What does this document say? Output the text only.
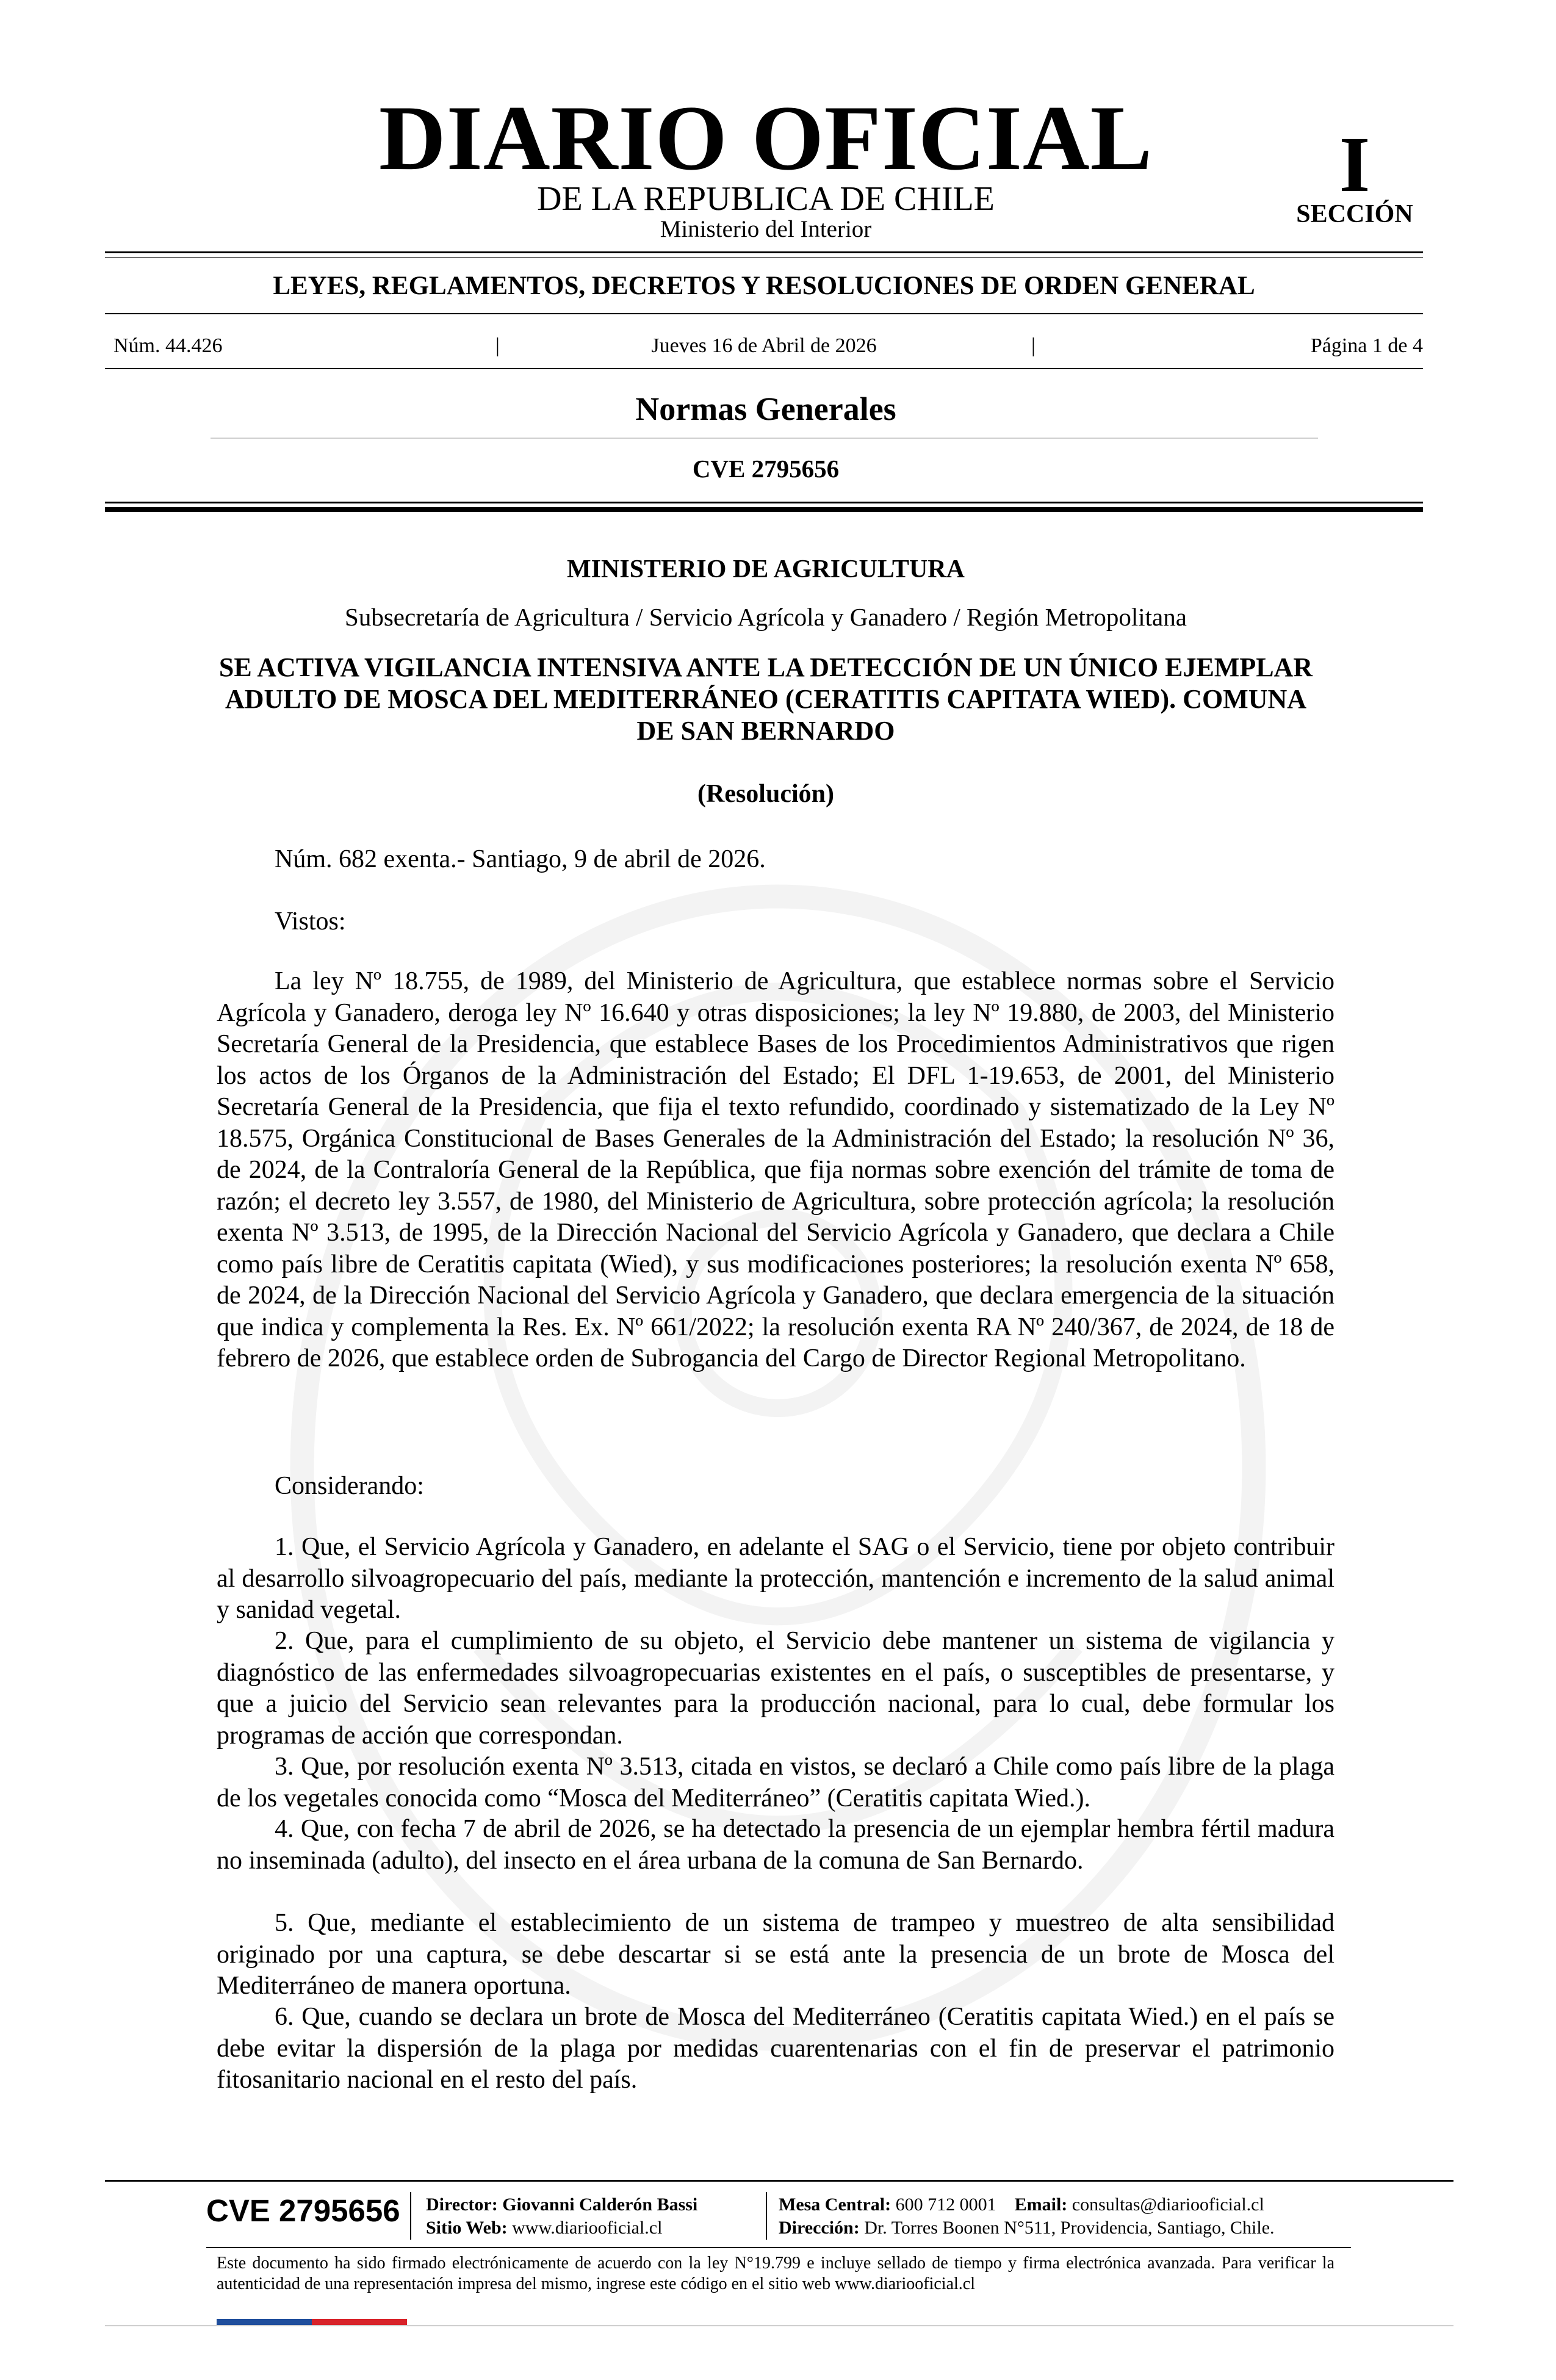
DIARIO OFICIAL
DE LA REPUBLICA DE CHILE
Ministerio del Interior
I
SECCIÓN
LEYES, REGLAMENTOS, DECRETOS Y RESOLUCIONES DE ORDEN GENERAL
Núm. 44.426	|	Jueves 16 de Abril de 2026	|	Página 1 de 4
Normas Generales
CVE 2795656
MINISTERIO DE AGRICULTURA
Subsecretaría de Agricultura / Servicio Agrícola y Ganadero / Región Metropolitana
SE ACTIVA VIGILANCIA INTENSIVA ANTE LA DETECCIÓN DE UN ÚNICO EJEMPLAR ADULTO DE MOSCA DEL MEDITERRÁNEO (CERATITIS CAPITATA WIED). COMUNA DE SAN BERNARDO
(Resolución)
Núm. 682 exenta.- Santiago, 9 de abril de 2026.
Vistos:
La ley Nº 18.755, de 1989, del Ministerio de Agricultura, que establece normas sobre el Servicio Agrícola y Ganadero, deroga ley Nº 16.640 y otras disposiciones; la ley Nº 19.880, de 2003, del Ministerio Secretaría General de la Presidencia, que establece Bases de los Procedimientos Administrativos que rigen los actos de los Órganos de la Administración del Estado; El DFL 1-19.653, de 2001, del Ministerio Secretaría General de la Presidencia, que fija el texto refundido, coordinado y sistematizado de la Ley Nº 18.575, Orgánica Constitucional de Bases Generales de la Administración del Estado; la resolución Nº 36, de 2024, de la Contraloría General de la República, que fija normas sobre exención del trámite de toma de razón; el decreto ley 3.557, de 1980, del Ministerio de Agricultura, sobre protección agrícola; la resolución exenta Nº 3.513, de 1995, de la Dirección Nacional del Servicio Agrícola y Ganadero, que declara a Chile como país libre de Ceratitis capitata (Wied), y sus modificaciones posteriores; la resolución exenta Nº 658, de 2024, de la Dirección Nacional del Servicio Agrícola y Ganadero, que declara emergencia de la situación que indica y complementa la Res. Ex. Nº 661/2022; la resolución exenta RA Nº 240/367, de 2024, de 18 de febrero de 2026, que establece orden de Subrogancia del Cargo de Director Regional Metropolitano.
Considerando:
1. Que, el Servicio Agrícola y Ganadero, en adelante el SAG o el Servicio, tiene por objeto contribuir al desarrollo silvoagropecuario del país, mediante la protección, mantención e incremento de la salud animal y sanidad vegetal.
2. Que, para el cumplimiento de su objeto, el Servicio debe mantener un sistema de vigilancia y diagnóstico de las enfermedades silvoagropecuarias existentes en el país, o susceptibles de presentarse, y que a juicio del Servicio sean relevantes para la producción nacional, para lo cual, debe formular los programas de acción que correspondan.
3. Que, por resolución exenta Nº 3.513, citada en vistos, se declaró a Chile como país libre de la plaga de los vegetales conocida como “Mosca del Mediterráneo” (Ceratitis capitata Wied.).
4. Que, con fecha 7 de abril de 2026, se ha detectado la presencia de un ejemplar hembra fértil madura no inseminada (adulto), del insecto en el área urbana de la comuna de San Bernardo.
5. Que, mediante el establecimiento de un sistema de trampeo y muestreo de alta sensibilidad originado por una captura, se debe descartar si se está ante la presencia de un brote de Mosca del Mediterráneo de manera oportuna.
6. Que, cuando se declara un brote de Mosca del Mediterráneo (Ceratitis capitata Wied.) en el país se debe evitar la dispersión de la plaga por medidas cuarentenarias con el fin de preservar el patrimonio fitosanitario nacional en el resto del país.
CVE 2795656 Director: Giovanni Calderón Bassi
Sitio Web: www.diariooficial.cl
Mesa Central: 600 712 0001 Email: consultas@diariooficial.cl
Dirección: Dr. Torres Boonen N°511, Providencia, Santiago, Chile.
Este documento ha sido firmado electrónicamente de acuerdo con la ley N°19.799 e incluye sellado de tiempo y firma electrónica avanzada. Para verificar la autenticidad de una representación impresa del mismo, ingrese este código en el sitio web www.diariooficial.cl
